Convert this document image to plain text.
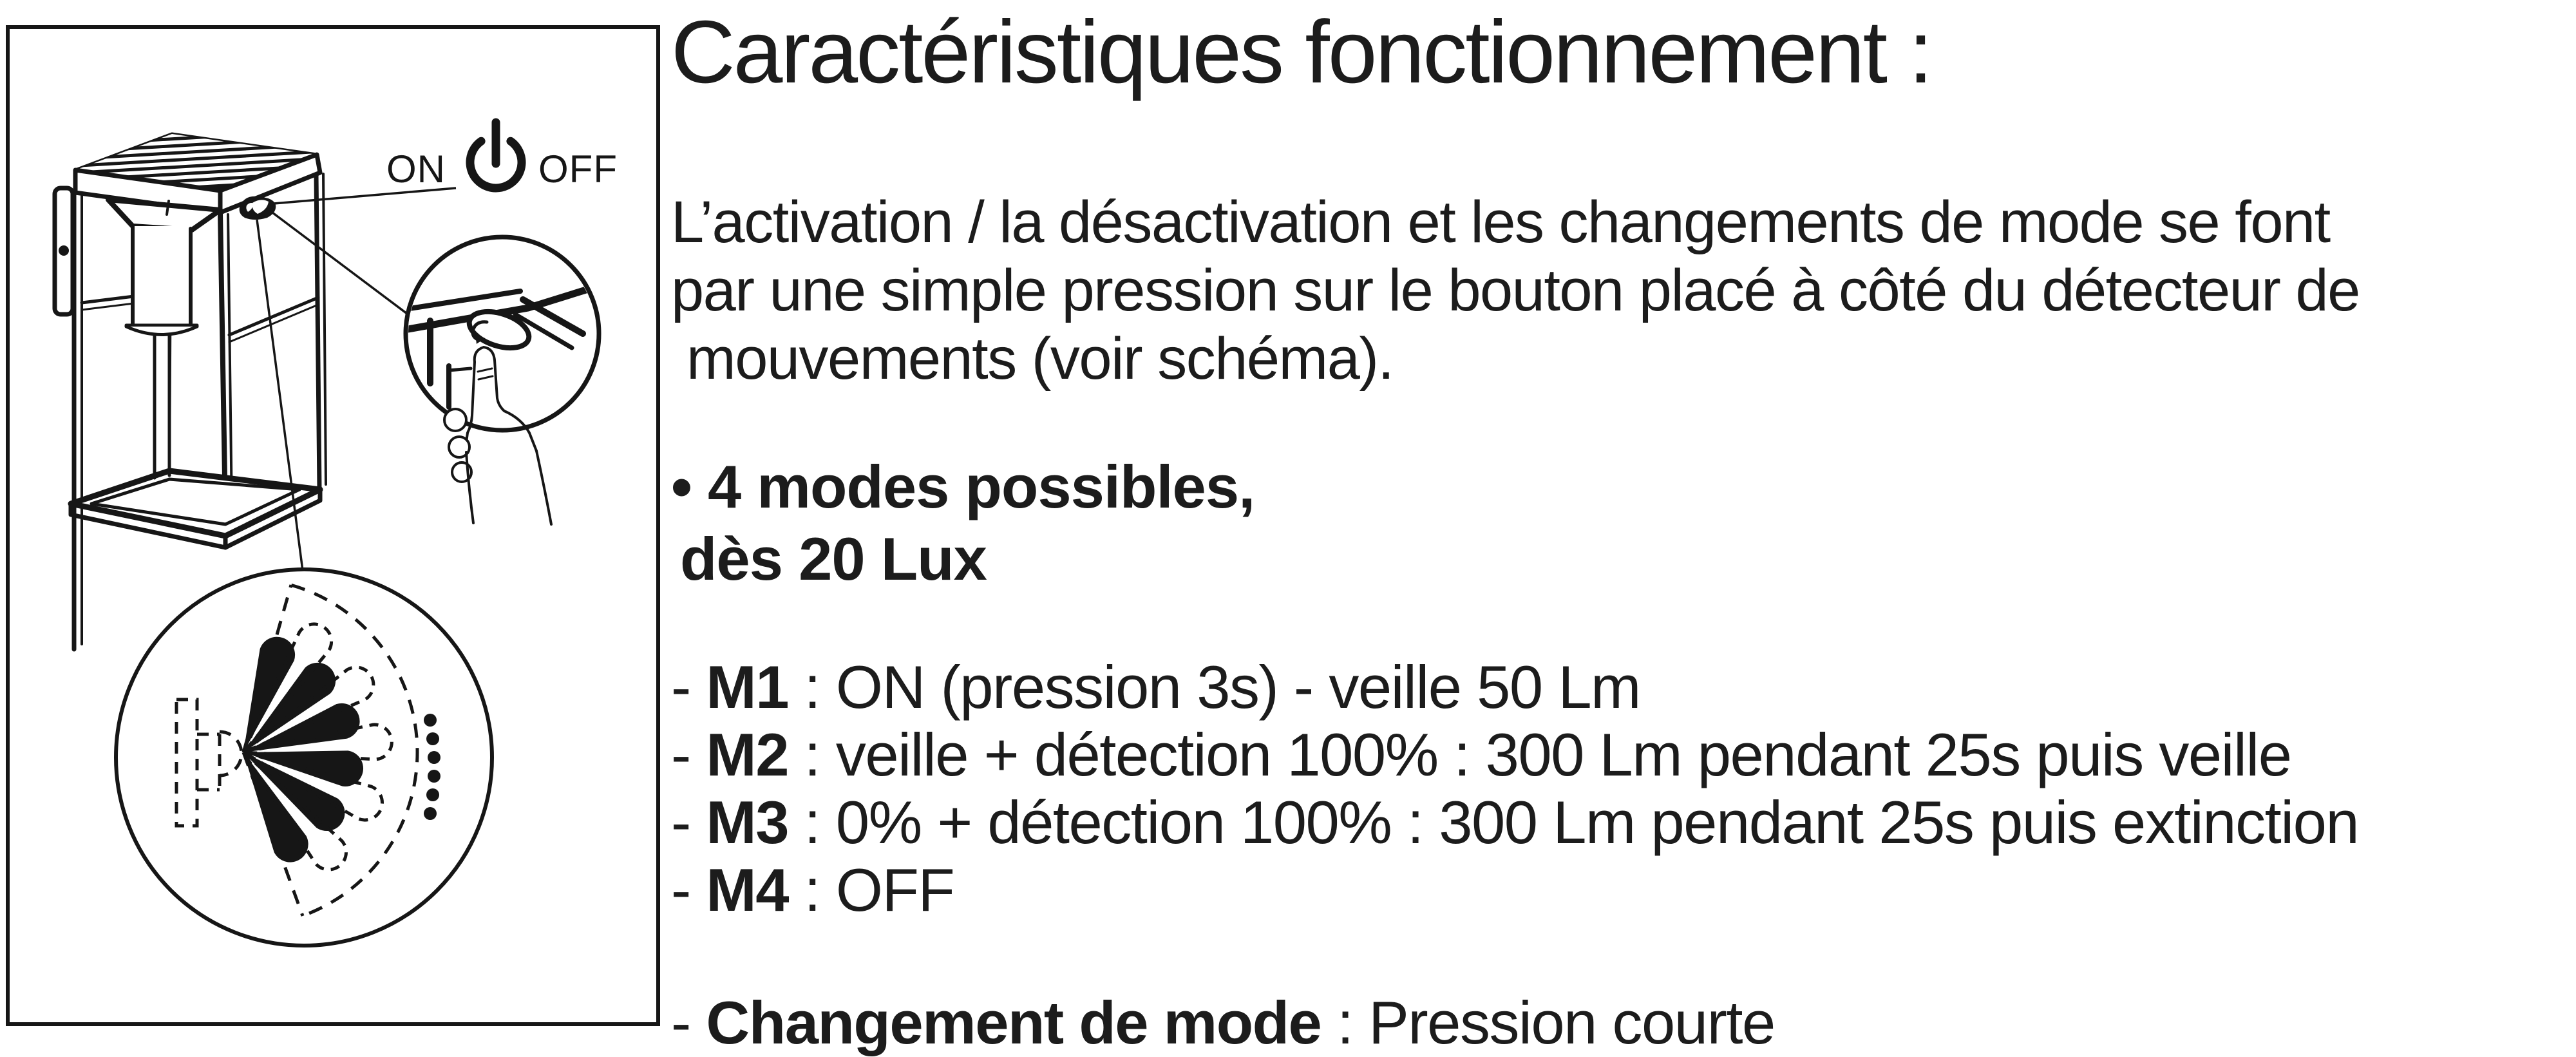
ON OFF
Caractéristiques fonctionnement :
L’activation / la désactivation et les changements de mode se font
par une simple pression sur le bouton placé à côté du détecteur de
mouvements (voir schéma).
• 4 modes possibles,
dès 20 Lux
- M1 : ON (pression 3s) - veille 50 Lm
- M2 : veille + détection 100% : 300 Lm pendant 25s puis veille
- M3 : 0% + détection 100% : 300 Lm pendant 25s puis extinction
- M4 : OFF
- Changement de mode : Pression courte
